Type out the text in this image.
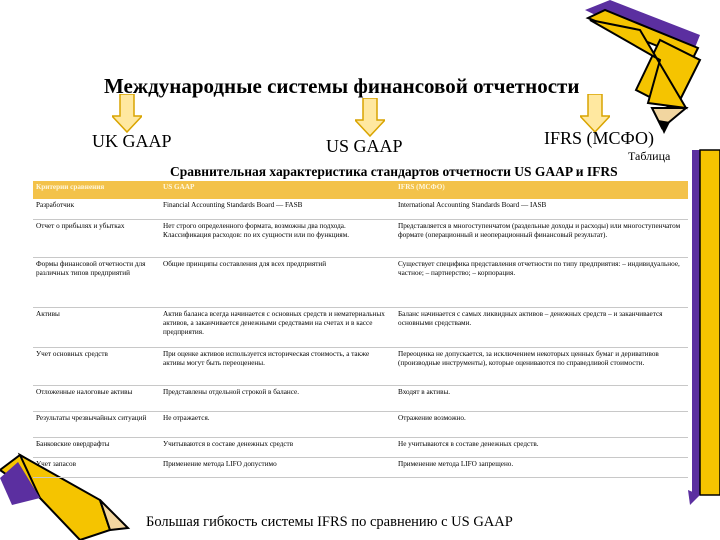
Международные системы финансовой отчетности
UK GAAP	US GAAP	IFRS (МСФО)
Таблица
Сравнительная характеристика стандартов отчетности US GAAP и IFRS
Критерии сравнения	US GAAP	IFRS (МСФО)
Разработчик	Financial Accounting Standards Board — FASB	International Accounting Standards Board — IASB
Отчет о прибылях и убытках	Нет строго определенного формата, возможны два подхода. Классификация расходов: по их сущности или по функциям.	Представляется в многоступенчатом (раздельные доходы и расходы) или многоступенчатом формате (операционный и неоперационный финансовый результат).
Формы финансовой отчетности для различных типов предприятий	Общие принципы составления для всех предприятий	Существует специфика представления отчетности по типу предприятия: – индивидуальное, частное; – партнерство; – корпорация.
Активы	Актив баланса всегда начинается с основных средств и нематериальных активов, а заканчивается денежными средствами на счетах и в кассе предприятия.	Баланс начинается с самых ликвидных активов – денежных средств – и заканчивается основными средствами.
Учет основных средств	При оценке активов используется историческая стоимость, а также активы могут быть переоценены.	Переоценка не допускается, за исключением некоторых ценных бумаг и деривативов (производные инструменты), которые оцениваются по справедливой стоимости.
Отложенные налоговые активы	Представлены отдельной строкой в балансе.	Входят в активы.
Результаты чрезвычайных ситуаций	Не отражается.	Отражение возможно.
Банковские овердрафты	Учитываются в составе денежных средств	Не учитываются в составе денежных средств.
Учет запасов	Применение метода LIFO допустимо	Применение метода LIFO запрещено.
Большая гибкость системы IFRS по сравнению с US GAAP
